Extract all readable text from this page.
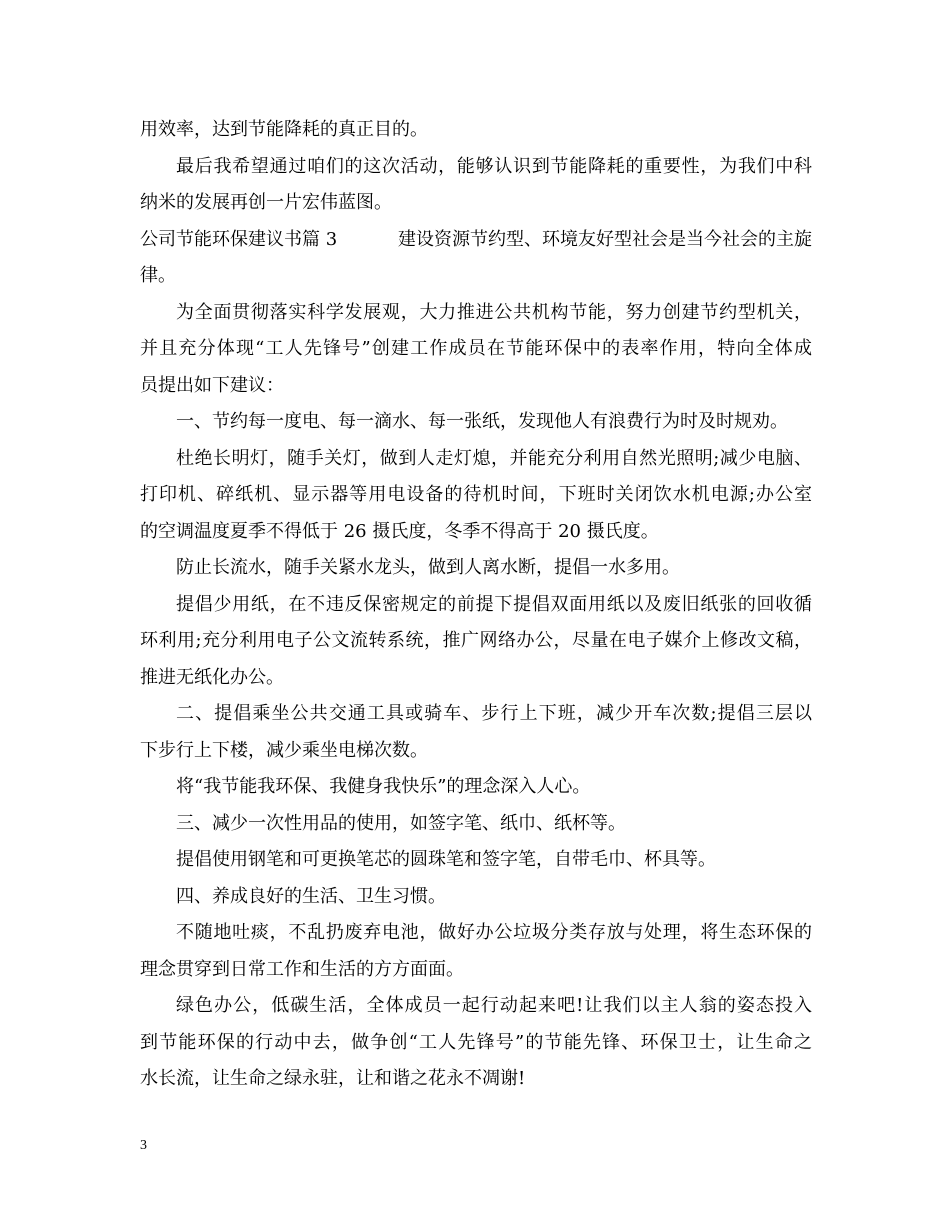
用效率，达到节能降耗的真正目的。
最后我希望通过咱们的这次活动，能够认识到节能降耗的重要性，为我们中科
纳米的发展再创一片宏伟蓝图。
公司节能环保建议书篇 3	建设资源节约型、环境友好型社会是当今社会的主旋
律。
为全面贯彻落实科学发展观，大力推进公共机构节能，努力创建节约型机关，
并且充分体现“工人先锋号”创建工作成员在节能环保中的表率作用，特向全体成
员提出如下建议：
一、节约每一度电、每一滴水、每一张纸，发现他人有浪费行为时及时规劝。
杜绝长明灯，随手关灯，做到人走灯熄，并能充分利用自然光照明;减少电脑、
打印机、碎纸机、显示器等用电设备的待机时间，下班时关闭饮水机电源;办公室
的空调温度夏季不得低于 26 摄氏度，冬季不得高于 20 摄氏度。
防止长流水，随手关紧水龙头，做到人离水断，提倡一水多用。
提倡少用纸，在不违反保密规定的前提下提倡双面用纸以及废旧纸张的回收循
环利用;充分利用电子公文流转系统，推广网络办公，尽量在电子媒介上修改文稿，
推进无纸化办公。
二、提倡乘坐公共交通工具或骑车、步行上下班，减少开车次数;提倡三层以
下步行上下楼，减少乘坐电梯次数。
将“我节能我环保、我健身我快乐”的理念深入人心。
三、减少一次性用品的使用，如签字笔、纸巾、纸杯等。
提倡使用钢笔和可更换笔芯的圆珠笔和签字笔，自带毛巾、杯具等。
四、养成良好的生活、卫生习惯。
不随地吐痰，不乱扔废弃电池，做好办公垃圾分类存放与处理，将生态环保的
理念贯穿到日常工作和生活的方方面面。
绿色办公，低碳生活，全体成员一起行动起来吧!让我们以主人翁的姿态投入
到节能环保的行动中去，做争创“工人先锋号”的节能先锋、环保卫士，让生命之
水长流，让生命之绿永驻，让和谐之花永不凋谢!
3
